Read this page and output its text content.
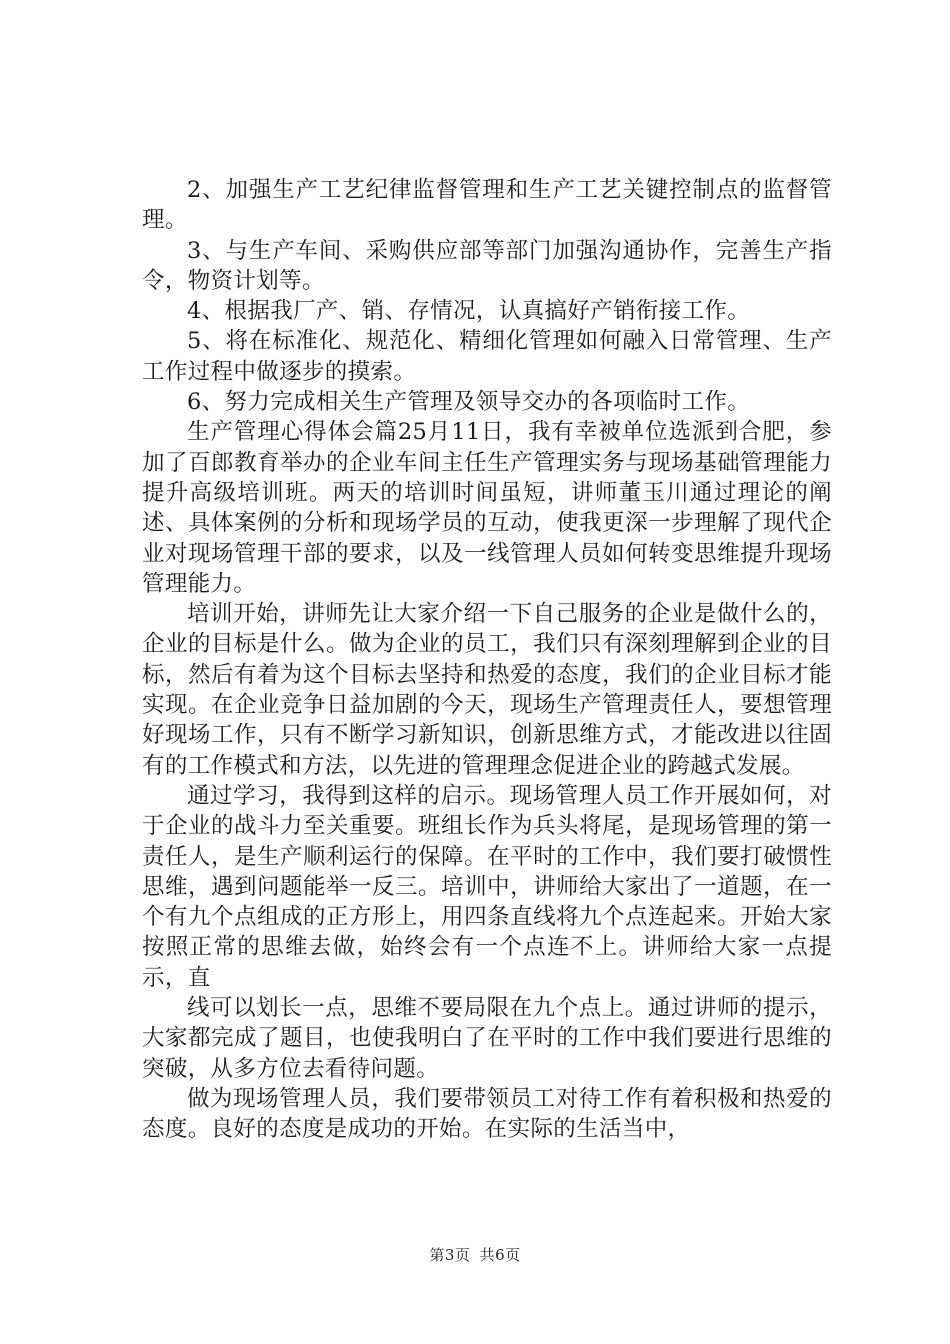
2、加强生产工艺纪律监督管理和生产工艺关键控制点的监督管理。

3、与生产车间、采购供应部等部门加强沟通协作，完善生产指令，物资计划等。

4、根据我厂产、销、存情况，认真搞好产销衔接工作。

5、将在标准化、规范化、精细化管理如何融入日常管理、生产工作过程中做逐步的摸索。

6、努力完成相关生产管理及领导交办的各项临时工作。

生产管理心得体会篇25月11日，我有幸被单位选派到合肥，参加了百郎教育举办的企业车间主任生产管理实务与现场基础管理能力提升高级培训班。两天的培训时间虽短，讲师董玉川通过理论的阐述、具体案例的分析和现场学员的互动，使我更深一步理解了现代企业对现场管理干部的要求，以及一线管理人员如何转变思维提升现场管理能力。

培训开始，讲师先让大家介绍一下自己服务的企业是做什么的，企业的目标是什么。做为企业的员工，我们只有深刻理解到企业的目标，然后有着为这个目标去坚持和热爱的态度，我们的企业目标才能实现。在企业竞争日益加剧的今天，现场生产管理责任人，要想管理好现场工作，只有不断学习新知识，创新思维方式，才能改进以往固有的工作模式和方法，以先进的管理理念促进企业的跨越式发展。

通过学习，我得到这样的启示。现场管理人员工作开展如何，对于企业的战斗力至关重要。班组长作为兵头将尾，是现场管理的第一责任人，是生产顺利运行的保障。在平时的工作中，我们要打破惯性思维，遇到问题能举一反三。培训中，讲师给大家出了一道题，在一个有九个点组成的正方形上，用四条直线将九个点连起来。开始大家按照正常的思维去做，始终会有一个点连不上。讲师给大家一点提示，直

线可以划长一点，思维不要局限在九个点上。通过讲师的提示，大家都完成了题目，也使我明白了在平时的工作中我们要进行思维的突破，从多方位去看待问题。

做为现场管理人员，我们要带领员工对待工作有着积极和热爱的态度。良好的态度是成功的开始。在实际的生活当中，

第3页 共6页
